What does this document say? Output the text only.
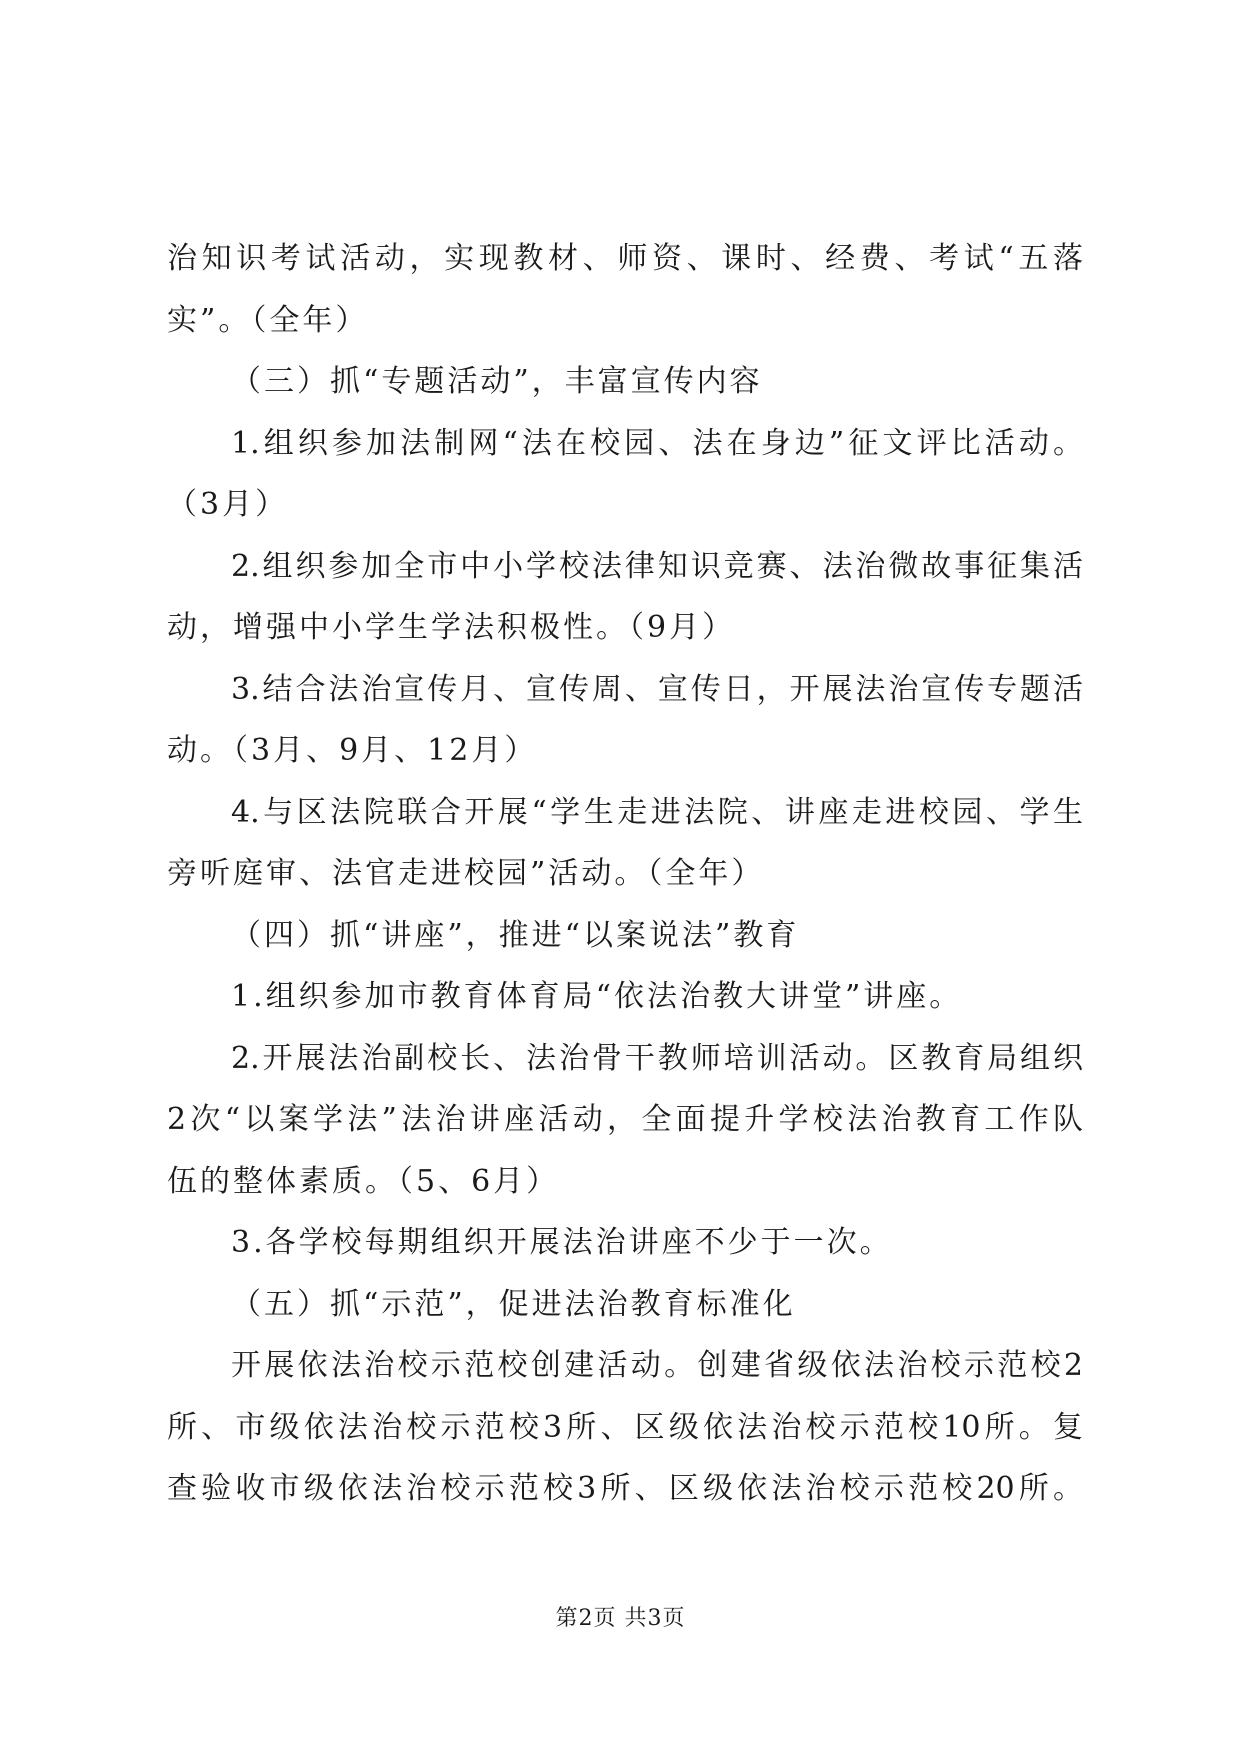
治知识考试活动，实现教材、师资、课时、经费、考试“五落
实”。（全年）
（三）抓“专题活动”，丰富宣传内容
1.组织参加法制网“法在校园、法在身边”征文评比活动。
（3月）
2.组织参加全市中小学校法律知识竞赛、法治微故事征集活
动，增强中小学生学法积极性。（9月）
3.结合法治宣传月、宣传周、宣传日，开展法治宣传专题活
动。（3月、9月、12月）
4.与区法院联合开展“学生走进法院、讲座走进校园、学生
旁听庭审、法官走进校园”活动。（全年）
（四）抓“讲座”，推进“以案说法”教育
1.组织参加市教育体育局“依法治教大讲堂”讲座。
2.开展法治副校长、法治骨干教师培训活动。区教育局组织
2次“以案学法”法治讲座活动，全面提升学校法治教育工作队
伍的整体素质。（5、6月）
3.各学校每期组织开展法治讲座不少于一次。
（五）抓“示范”，促进法治教育标准化
开展依法治校示范校创建活动。创建省级依法治校示范校2
所、市级依法治校示范校3所、区级依法治校示范校10所。复
查验收市级依法治校示范校3所、区级依法治校示范校20所。
第2页 共3页
